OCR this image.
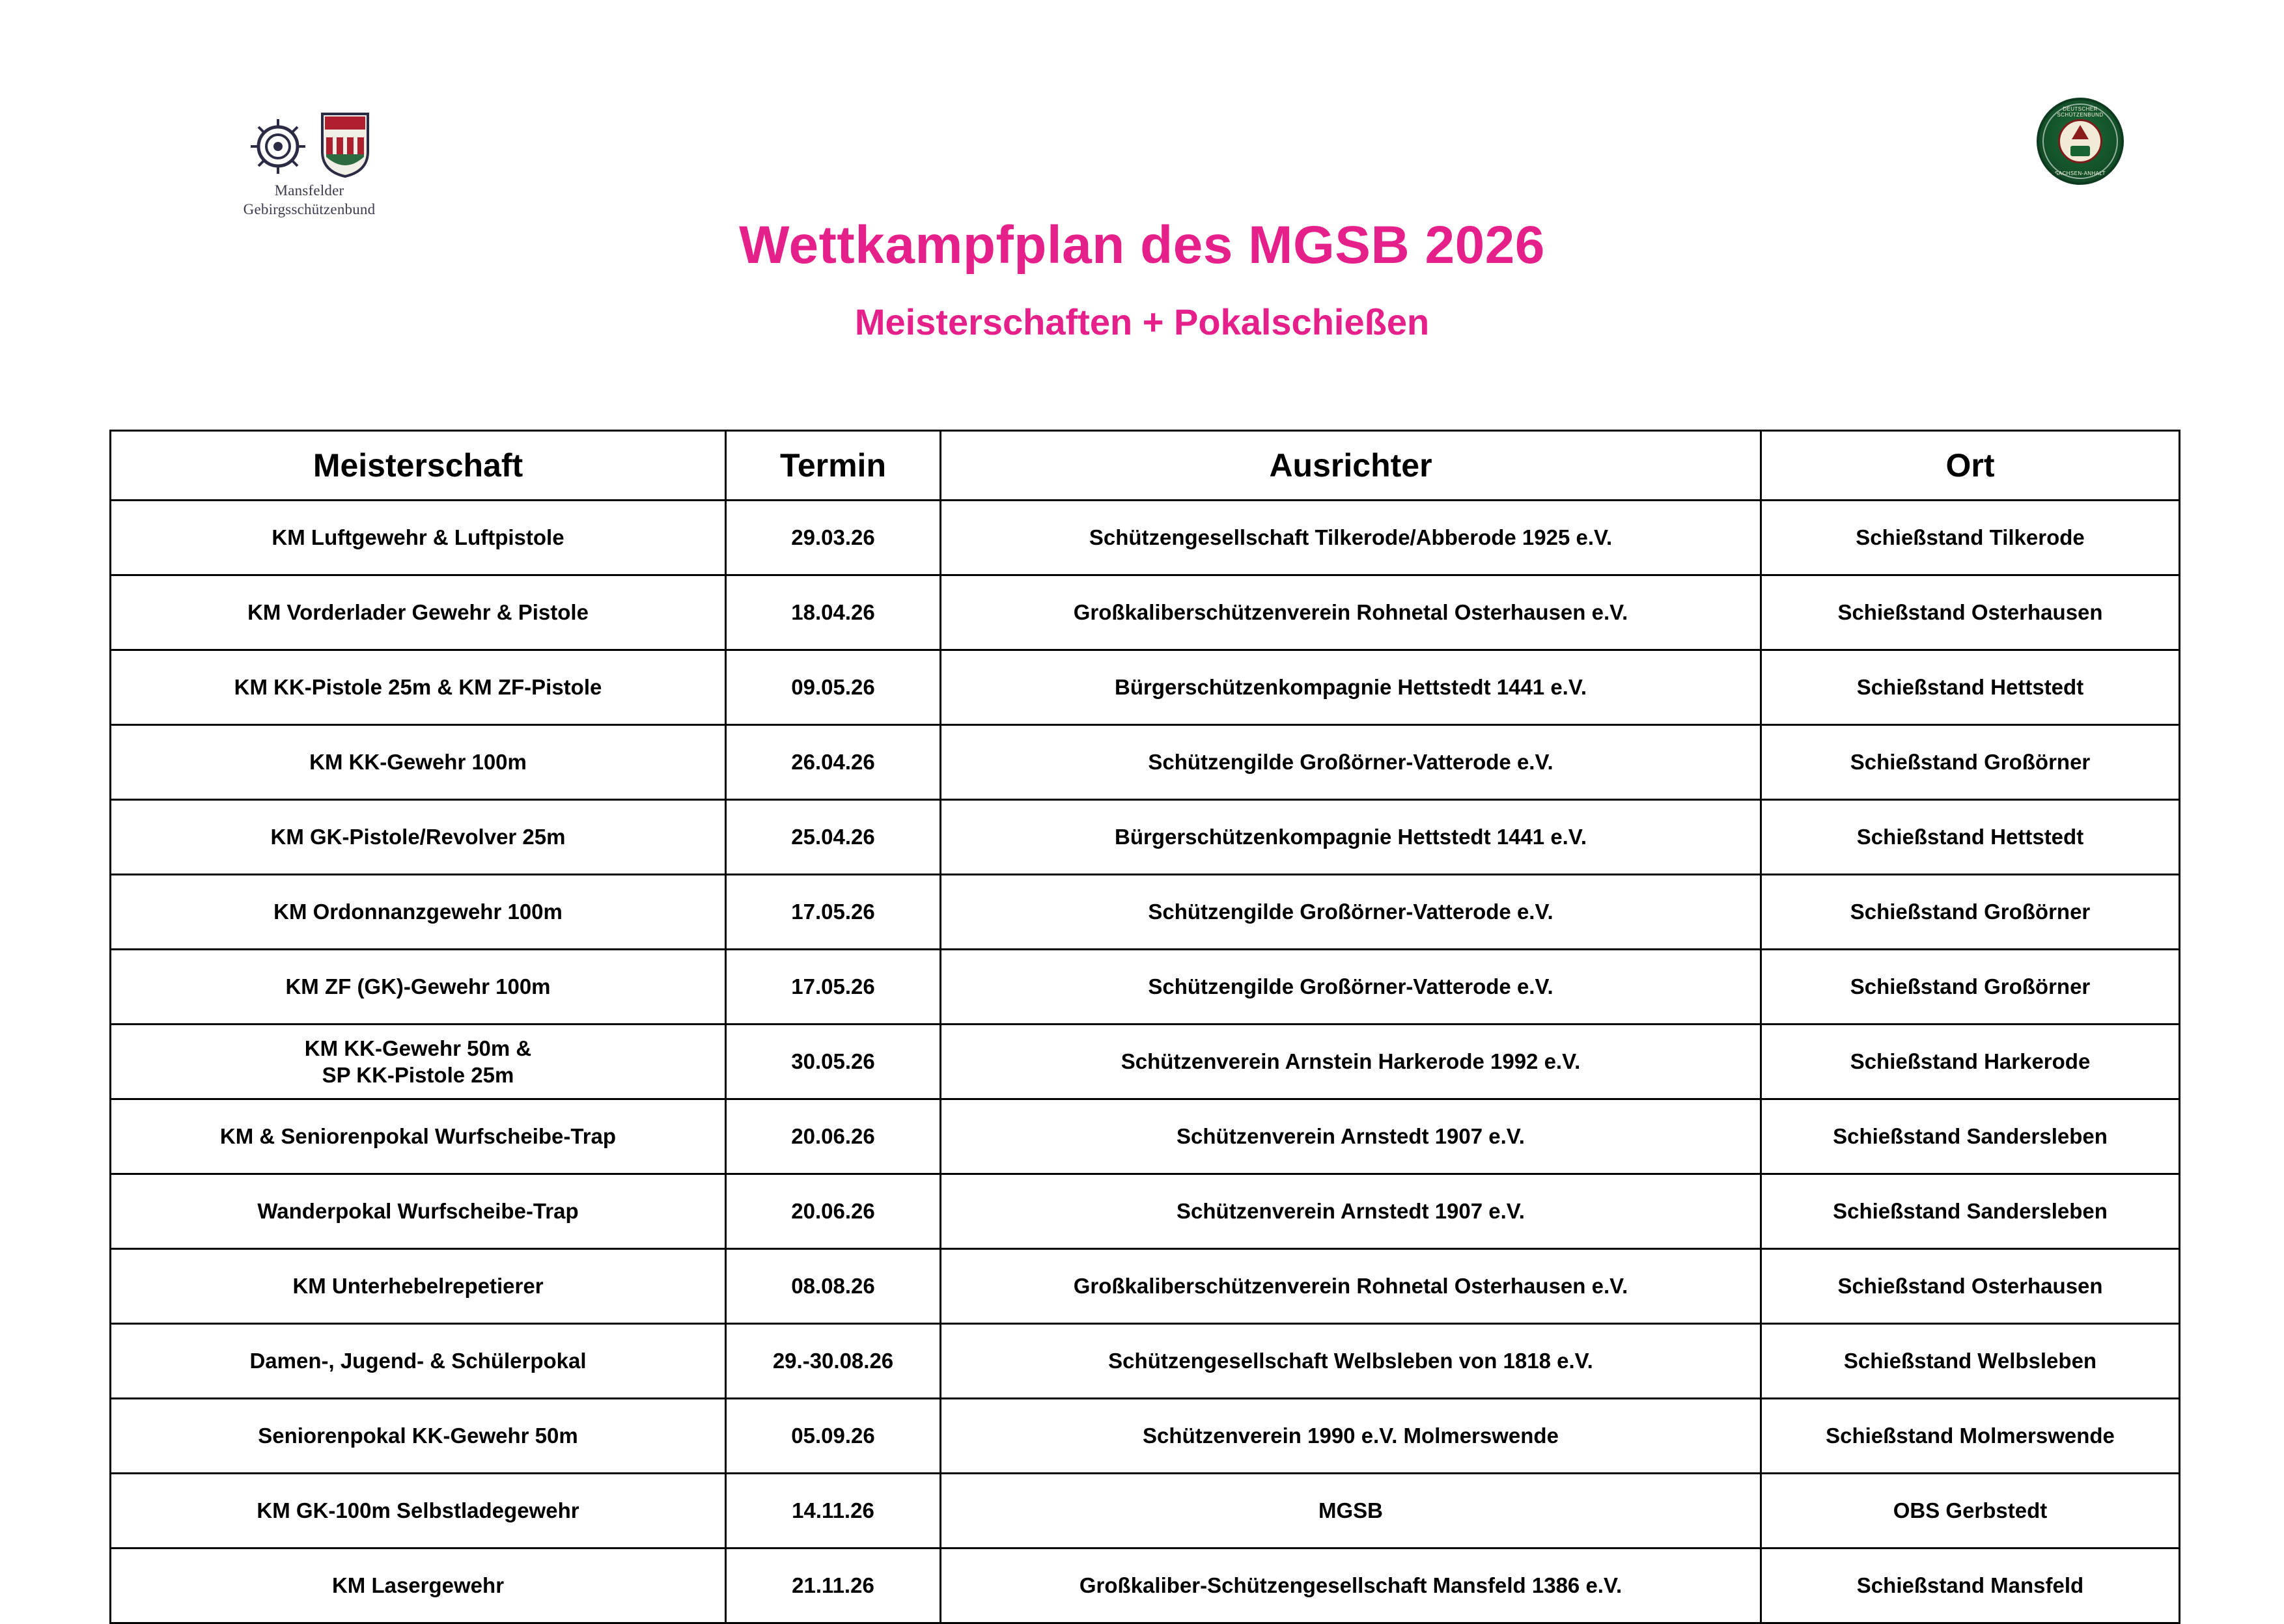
Mansfelder
Gebirgsschützenbund
DEUTSCHER SCHÜTZENBUND
SACHSEN-ANHALT
Wettkampfplan des MGSB 2026
Meisterschaften + Pokalschießen
Meisterschaft	Termin	Ausrichter	Ort
KM Luftgewehr & Luftpistole	29.03.26	Schützengesellschaft Tilkerode/Abberode 1925 e.V.	Schießstand Tilkerode
KM Vorderlader Gewehr & Pistole	18.04.26	Großkaliberschützenverein Rohnetal Osterhausen e.V.	Schießstand Osterhausen
KM KK-Pistole 25m & KM ZF-Pistole	09.05.26	Bürgerschützenkompagnie Hettstedt 1441 e.V.	Schießstand Hettstedt
KM KK-Gewehr 100m	26.04.26	Schützengilde Großörner-Vatterode e.V.	Schießstand Großörner
KM GK-Pistole/Revolver 25m	25.04.26	Bürgerschützenkompagnie Hettstedt 1441 e.V.	Schießstand Hettstedt
KM Ordonnanzgewehr 100m	17.05.26	Schützengilde Großörner-Vatterode e.V.	Schießstand Großörner
KM ZF (GK)-Gewehr 100m	17.05.26	Schützengilde Großörner-Vatterode e.V.	Schießstand Großörner
KM KK-Gewehr 50m &
SP KK-Pistole 25m	30.05.26	Schützenverein Arnstein Harkerode 1992 e.V.	Schießstand Harkerode
KM & Seniorenpokal Wurfscheibe-Trap	20.06.26	Schützenverein Arnstedt 1907 e.V.	Schießstand Sandersleben
Wanderpokal Wurfscheibe-Trap	20.06.26	Schützenverein Arnstedt 1907 e.V.	Schießstand Sandersleben
KM Unterhebelrepetierer	08.08.26	Großkaliberschützenverein Rohnetal Osterhausen e.V.	Schießstand Osterhausen
Damen-, Jugend- & Schülerpokal	29.-30.08.26	Schützengesellschaft Welbsleben von 1818 e.V.	Schießstand Welbsleben
Seniorenpokal KK-Gewehr 50m	05.09.26	Schützenverein 1990 e.V. Molmerswende	Schießstand Molmerswende
KM GK-100m Selbstladegewehr	14.11.26	MGSB	OBS Gerbstedt
KM Lasergewehr	21.11.26	Großkaliber-Schützengesellschaft Mansfeld 1386 e.V.	Schießstand Mansfeld
